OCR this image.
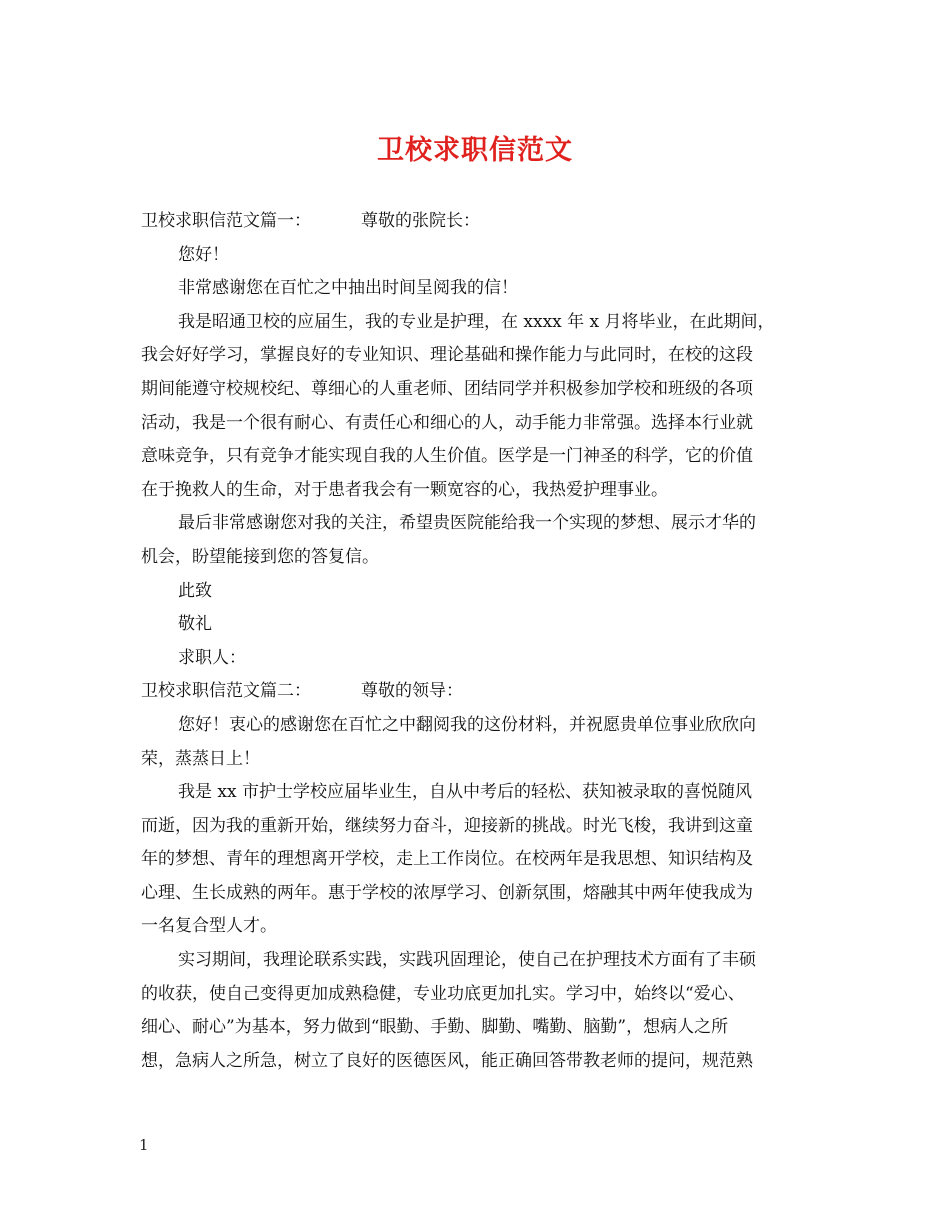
卫校求职信范文
卫校求职信范文篇一：	尊敬的张院长：
您好！
非常感谢您在百忙之中抽出时间呈阅我的信！
我是昭通卫校的应届生，我的专业是护理，在 xxxx 年 x 月将毕业，在此期间，
我会好好学习，掌握良好的专业知识、理论基础和操作能力与此同时，在校的这段
期间能遵守校规校纪、尊细心的人重老师、团结同学并积极参加学校和班级的各项
活动，我是一个很有耐心、有责任心和细心的人，动手能力非常强。选择本行业就
意味竞争，只有竞争才能实现自我的人生价值。医学是一门神圣的科学，它的价值
在于挽救人的生命，对于患者我会有一颗宽容的心，我热爱护理事业。
最后非常感谢您对我的关注，希望贵医院能给我一个实现的梦想、展示才华的
机会，盼望能接到您的答复信。
此致
敬礼
求职人：
卫校求职信范文篇二：	尊敬的领导：
您好！衷心的感谢您在百忙之中翻阅我的这份材料，并祝愿贵单位事业欣欣向
荣，蒸蒸日上！
我是 xx 市护士学校应届毕业生，自从中考后的轻松、获知被录取的喜悦随风
而逝，因为我的重新开始，继续努力奋斗，迎接新的挑战。时光飞梭，我讲到这童
年的梦想、青年的理想离开学校，走上工作岗位。在校两年是我思想、知识结构及
心理、生长成熟的两年。惠于学校的浓厚学习、创新氛围，熔融其中两年使我成为
一名复合型人才。
实习期间，我理论联系实践，实践巩固理论，使自己在护理技术方面有了丰硕
的收获，使自己变得更加成熟稳健，专业功底更加扎实。学习中，始终以“爱心、
细心、耐心”为基本，努力做到“眼勤、手勤、脚勤、嘴勤、脑勤”，想病人之所
想，急病人之所急，树立了良好的医德医风，能正确回答带教老师的提问，规范熟
1
